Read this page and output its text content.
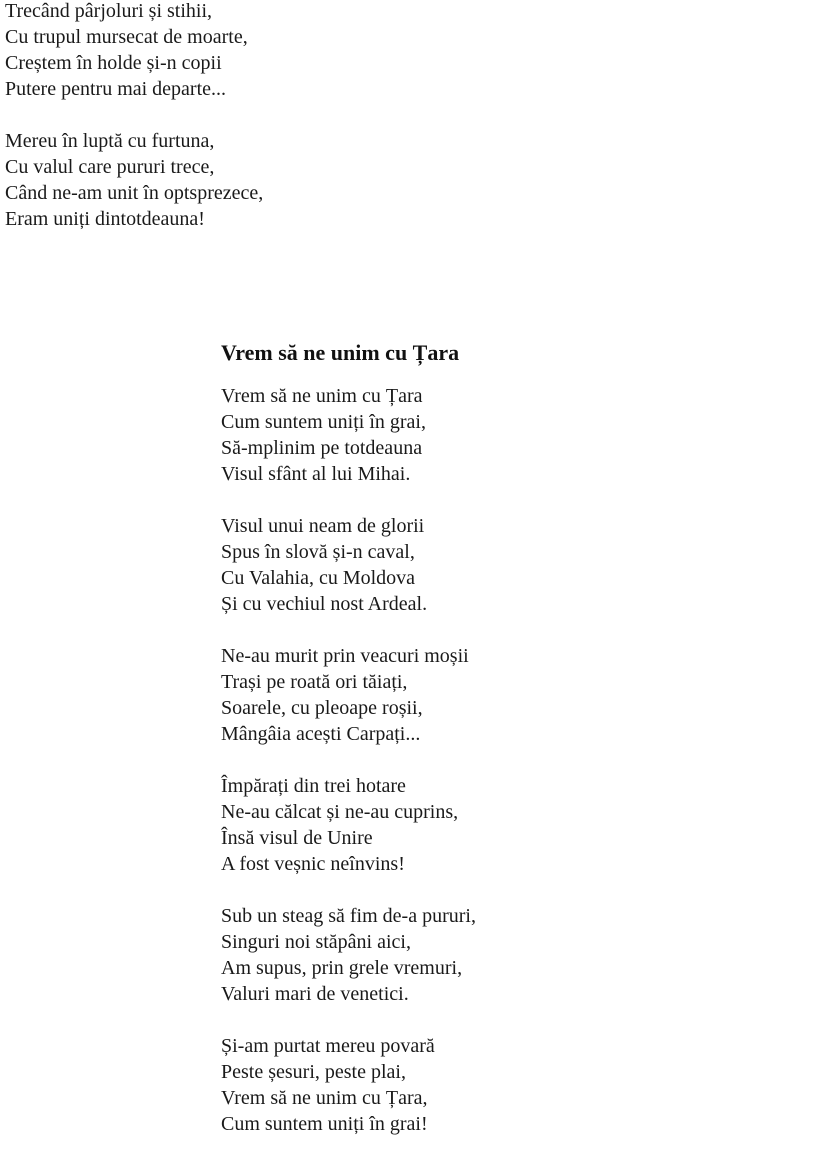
Trecând pârjoluri și stihii,
Cu trupul mursecat de moarte,
Creștem în holde și-n copii
Putere pentru mai departe...
Mereu în luptă cu furtuna,
Cu valul care pururi trece,
Când ne-am unit în optsprezece,
Eram uniți dintotdeauna!
Vrem să ne unim cu Țara
Vrem să ne unim cu Țara
Cum suntem uniți în grai,
Să-mplinim pe totdeauna
Visul sfânt al lui Mihai.
Visul unui neam de glorii
Spus în slovă și-n caval,
Cu Valahia, cu Moldova
Și cu vechiul nost Ardeal.
Ne-au murit prin veacuri moșii
Trași pe roată ori tăiați,
Soarele, cu pleoape roșii,
Mângâia acești Carpați...
Împărați din trei hotare
Ne-au călcat și ne-au cuprins,
Însă visul de Unire
A fost veșnic neînvins!
Sub un steag să fim de-a pururi,
Singuri noi stăpâni aici,
Am supus, prin grele vremuri,
Valuri mari de venetici.
Și-am purtat mereu povară
Peste șesuri, peste plai,
Vrem să ne unim cu Țara,
Cum suntem uniți în grai!
